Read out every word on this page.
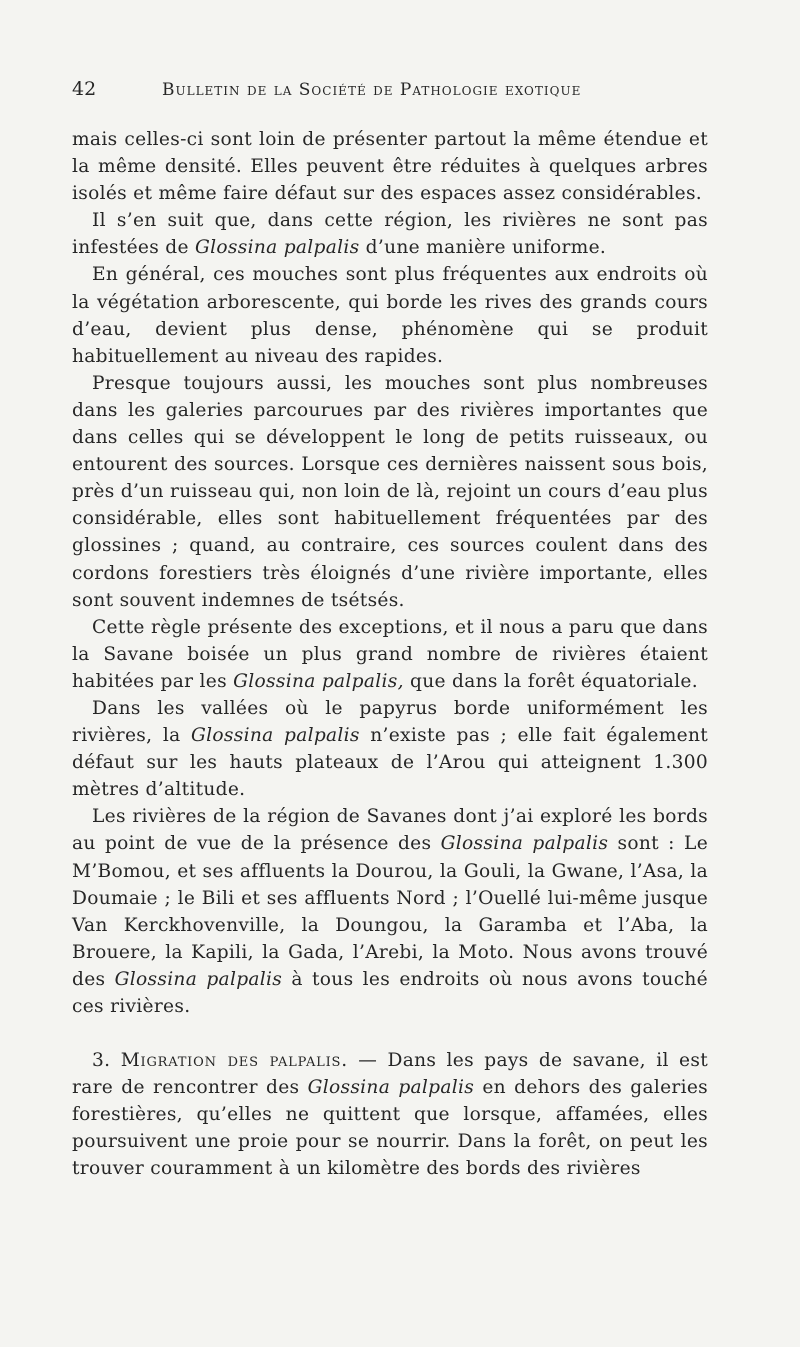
42	Bulletin de la Société de Pathologie exotique

mais celles-ci sont loin de présenter partout la même étendue et la même densité. Elles peuvent être réduites à quelques arbres isolés et même faire défaut sur des espaces assez considérables.

Il s’en suit que, dans cette région, les rivières ne sont pas infestées de Glossina palpalis d’une manière uniforme.

En général, ces mouches sont plus fréquentes aux endroits où la végétation arborescente, qui borde les rives des grands cours d’eau, devient plus dense, phénomène qui se produit habituellement au niveau des rapides.

Presque toujours aussi, les mouches sont plus nombreuses dans les galeries parcourues par des rivières importantes que dans celles qui se développent le long de petits ruisseaux, ou entourent des sources. Lorsque ces dernières naissent sous bois, près d’un ruisseau qui, non loin de là, rejoint un cours d’eau plus considérable, elles sont habituellement fréquentées par des glossines ; quand, au contraire, ces sources coulent dans des cordons forestiers très éloignés d’une rivière importante, elles sont souvent indemnes de tsétsés.

Cette règle présente des exceptions, et il nous a paru que dans la Savane boisée un plus grand nombre de rivières étaient habitées par les Glossina palpalis, que dans la forêt équatoriale.

Dans les vallées où le papyrus borde uniformément les rivières, la Glossina palpalis n’existe pas ; elle fait également défaut sur les hauts plateaux de l’Arou qui atteignent 1.300 mètres d’altitude.

Les rivières de la région de Savanes dont j’ai exploré les bords au point de vue de la présence des Glossina palpalis sont : Le M’Bomou, et ses affluents la Dourou, la Gouli, la Gwane, l’Asa, la Doumaie ; le Bili et ses affluents Nord ; l’Ouellé lui-même jusque Van Kerckhovenville, la Doungou, la Garamba et l’Aba, la Brouere, la Kapili, la Gada, l’Arebi, la Moto. Nous avons trouvé des Glossina palpalis à tous les endroits où nous avons touché ces rivières.

3. Migration des palpalis. — Dans les pays de savane, il est rare de rencontrer des Glossina palpalis en dehors des galeries forestières, qu’elles ne quittent que lorsque, affamées, elles poursuivent une proie pour se nourrir. Dans la forêt, on peut les trouver couramment à un kilomètre des bords des rivières
